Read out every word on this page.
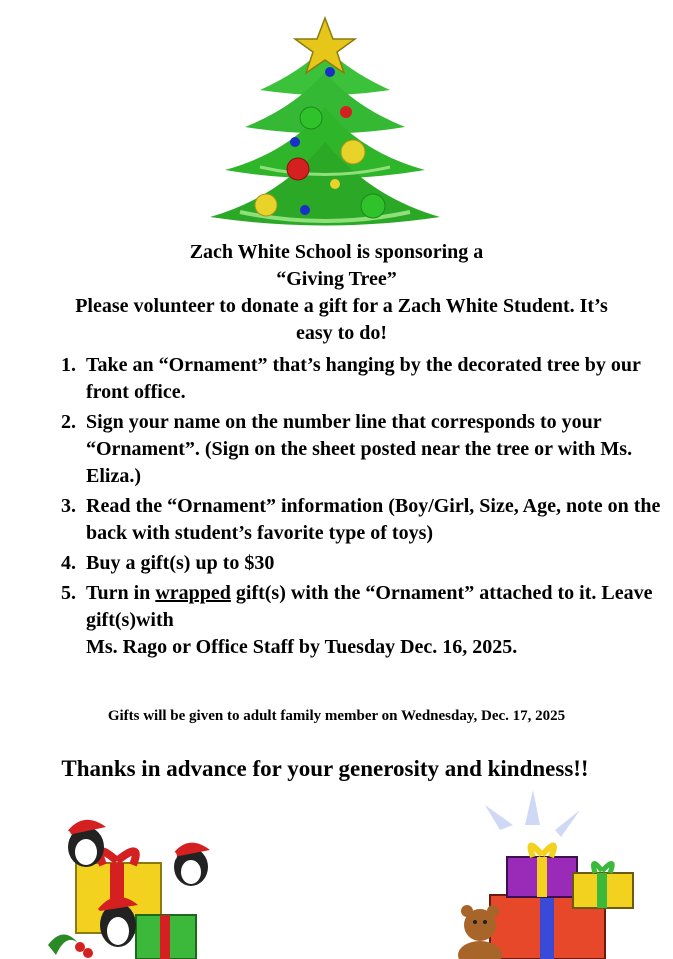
Zach White School is sponsoring a
“Giving Tree”
Please volunteer to donate a gift for a Zach White Student. It’s easy to do!
1. Take an “Ornament” that’s hanging by the decorated tree by our front office.
2. Sign your name on the number line that corresponds to your “Ornament”. (Sign on the sheet posted near the tree or with Ms. Eliza.)
3. Read the “Ornament” information (Boy/Girl, Size, Age, note on the back with student’s favorite type of toys)
4. Buy a gift(s) up to $30
5. Turn in wrapped gift(s) with the “Ornament” attached to it. Leave gift(s)with
Ms. Rago or Office Staff by Tuesday Dec. 16, 2025.
Gifts will be given to adult family member on Wednesday, Dec. 17, 2025
Thanks in advance for your generosity and kindness!!
